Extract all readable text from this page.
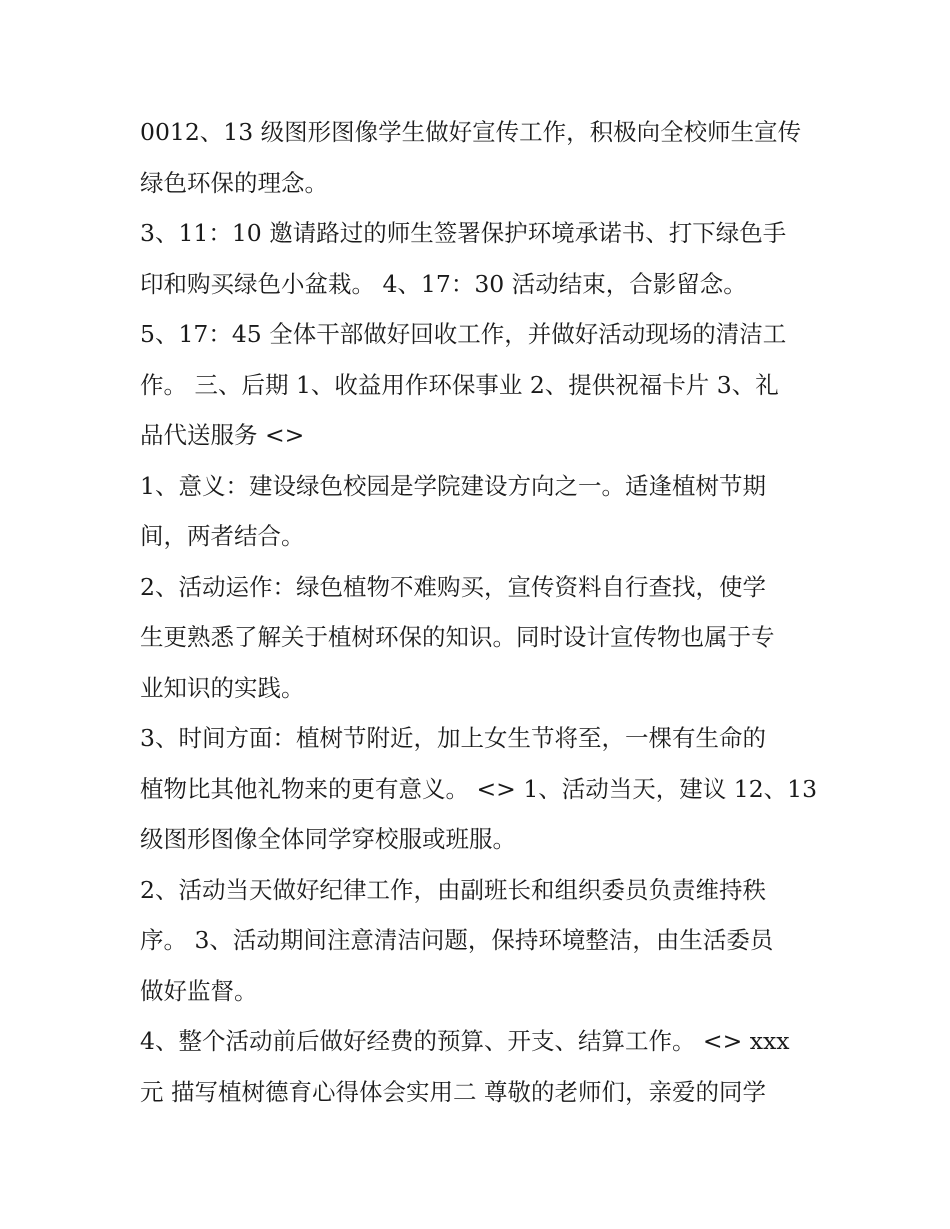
0012、13 级图形图像学生做好宣传工作，积极向全校师生宣传
绿色环保的理念。

3、11：10 邀请路过的师生签署保护环境承诺书、打下绿色手
印和购买绿色小盆栽。 4、17：30 活动结束，合影留念。

5、17：45 全体干部做好回收工作，并做好活动现场的清洁工
作。 三、后期 1、收益用作环保事业 2、提供祝福卡片 3、礼
品代送服务 <>

1、意义：建设绿色校园是学院建设方向之一。适逢植树节期
间，两者结合。

2、活动运作：绿色植物不难购买，宣传资料自行查找，使学
生更熟悉了解关于植树环保的知识。同时设计宣传物也属于专
业知识的实践。

3、时间方面：植树节附近，加上女生节将至，一棵有生命的
植物比其他礼物来的更有意义。 <> 1、活动当天，建议 12、13
级图形图像全体同学穿校服或班服。

2、活动当天做好纪律工作，由副班长和组织委员负责维持秩
序。 3、活动期间注意清洁问题，保持环境整洁，由生活委员
做好监督。

4、整个活动前后做好经费的预算、开支、结算工作。 <> xxx
元 描写植树德育心得体会实用二 尊敬的老师们，亲爱的同学
